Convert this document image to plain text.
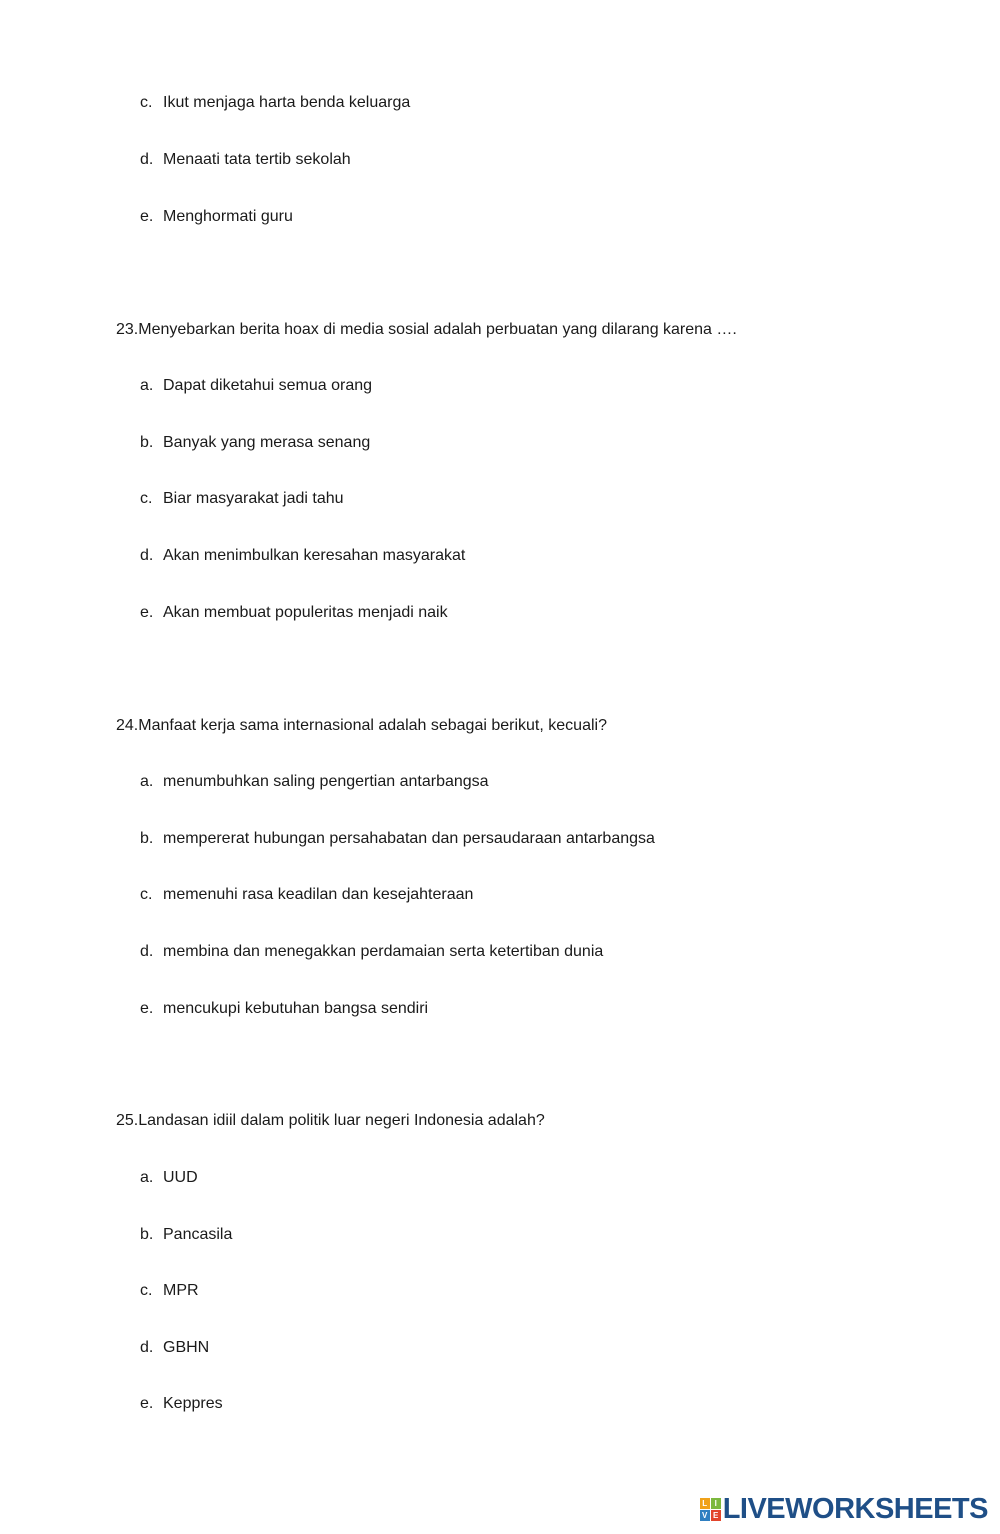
c. Ikut menjaga harta benda keluarga
d. Menaati tata tertib sekolah
e. Menghormati guru
23.Menyebarkan berita hoax di media sosial adalah perbuatan yang dilarang karena ….
a. Dapat diketahui semua orang
b. Banyak yang merasa senang
c. Biar masyarakat jadi tahu
d. Akan menimbulkan keresahan masyarakat
e. Akan membuat populeritas menjadi naik
24.Manfaat kerja sama internasional adalah sebagai berikut, kecuali?
a. menumbuhkan saling pengertian antarbangsa
b. mempererat hubungan persahabatan dan persaudaraan antarbangsa
c. memenuhi rasa keadilan dan kesejahteraan
d. membina dan menegakkan perdamaian serta ketertiban dunia
e. mencukupi kebutuhan bangsa sendiri
25.Landasan idiil dalam politik luar negeri Indonesia adalah?
a. UUD
b. Pancasila
c. MPR
d. GBHN
e. Keppres
L I
V E LIVEWORKSHEETS
